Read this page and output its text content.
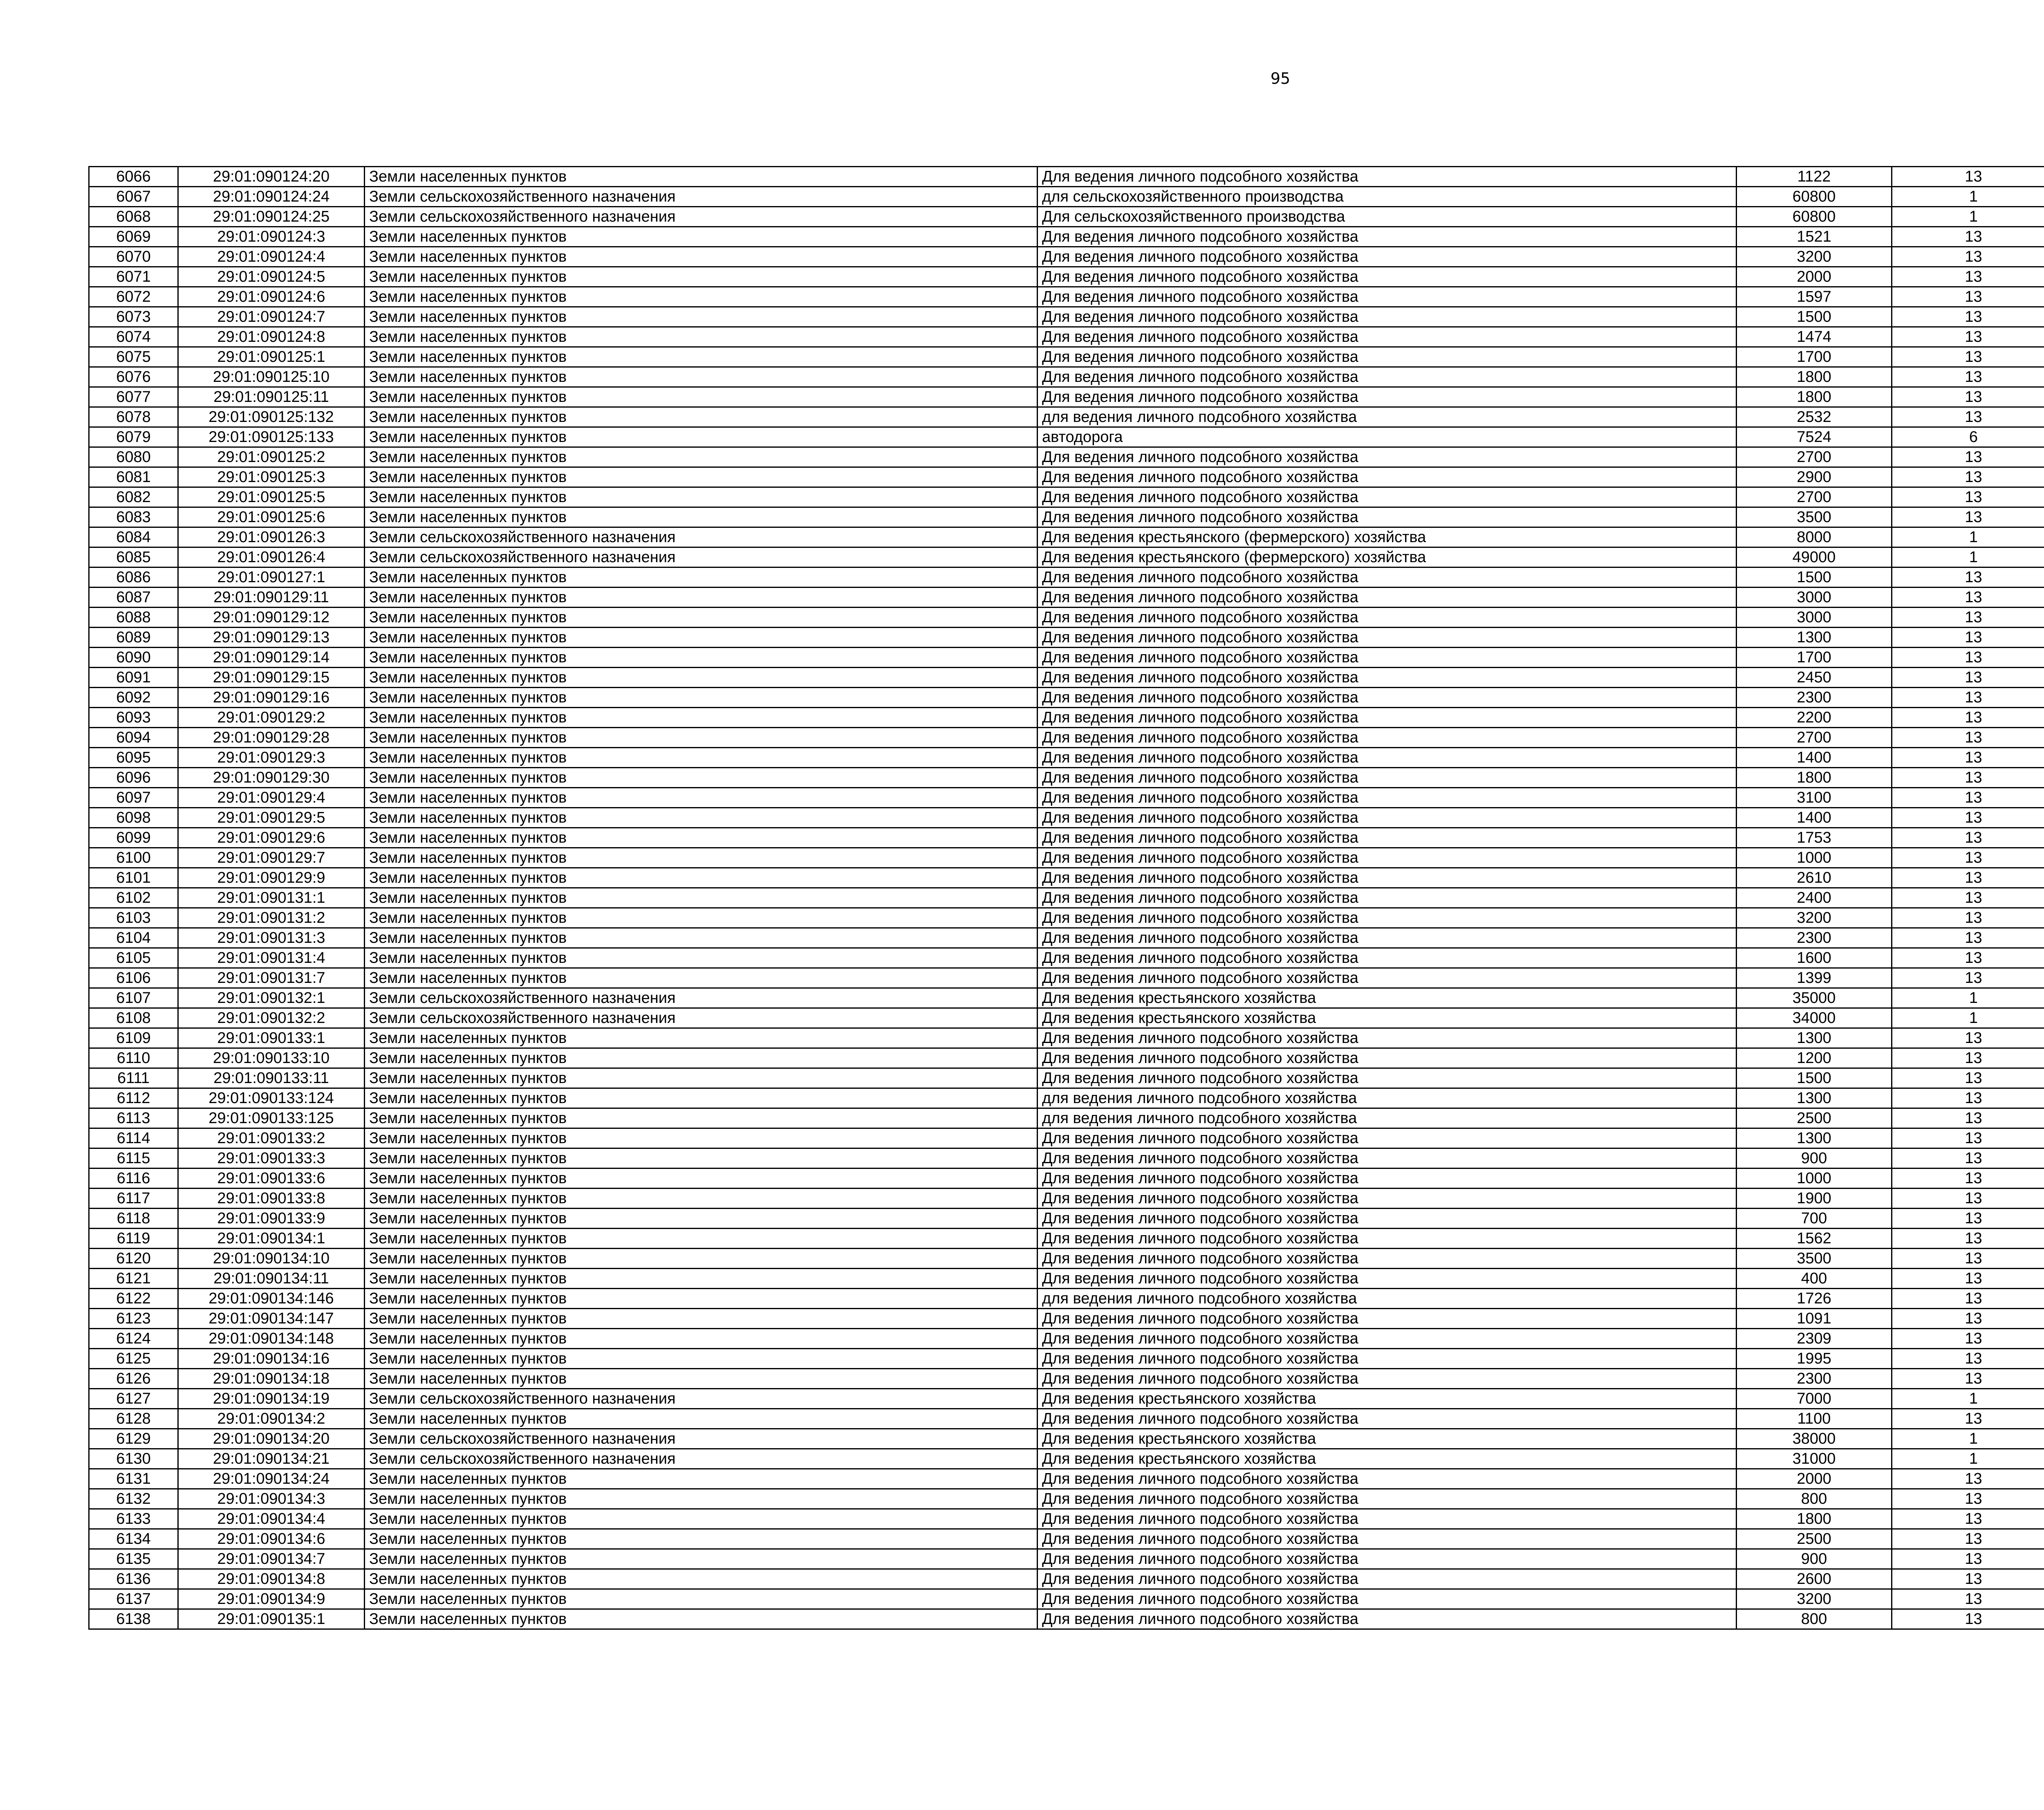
95
6066	29:01:090124:20	Земли населенных пунктов	Для ведения личного подсобного хозяйства	1122	13		
6067	29:01:090124:24	Земли сельскохозяйственного назначения	для сельскохозяйственного производства	60800	1		
6068	29:01:090124:25	Земли сельскохозяйственного назначения	Для сельскохозяйственного производства	60800	1		
6069	29:01:090124:3	Земли населенных пунктов	Для ведения личного подсобного хозяйства	1521	13		
6070	29:01:090124:4	Земли населенных пунктов	Для ведения личного подсобного хозяйства	3200	13		
6071	29:01:090124:5	Земли населенных пунктов	Для ведения личного подсобного хозяйства	2000	13		
6072	29:01:090124:6	Земли населенных пунктов	Для ведения личного подсобного хозяйства	1597	13		
6073	29:01:090124:7	Земли населенных пунктов	Для ведения личного подсобного хозяйства	1500	13		
6074	29:01:090124:8	Земли населенных пунктов	Для ведения личного подсобного хозяйства	1474	13		
6075	29:01:090125:1	Земли населенных пунктов	Для ведения личного подсобного хозяйства	1700	13		
6076	29:01:090125:10	Земли населенных пунктов	Для ведения личного подсобного хозяйства	1800	13		
6077	29:01:090125:11	Земли населенных пунктов	Для ведения личного подсобного хозяйства	1800	13		
6078	29:01:090125:132	Земли населенных пунктов	для ведения личного подсобного хозяйства	2532	13		
6079	29:01:090125:133	Земли населенных пунктов	автодорога	7524	6		
6080	29:01:090125:2	Земли населенных пунктов	Для ведения личного подсобного хозяйства	2700	13		
6081	29:01:090125:3	Земли населенных пунктов	Для ведения личного подсобного хозяйства	2900	13		
6082	29:01:090125:5	Земли населенных пунктов	Для ведения личного подсобного хозяйства	2700	13		
6083	29:01:090125:6	Земли населенных пунктов	Для ведения личного подсобного хозяйства	3500	13		
6084	29:01:090126:3	Земли сельскохозяйственного назначения	Для ведения крестьянского (фермерского) хозяйства	8000	1		
6085	29:01:090126:4	Земли сельскохозяйственного назначения	Для ведения крестьянского (фермерского) хозяйства	49000	1		
6086	29:01:090127:1	Земли населенных пунктов	Для ведения личного подсобного хозяйства	1500	13		
6087	29:01:090129:11	Земли населенных пунктов	Для ведения личного подсобного хозяйства	3000	13		
6088	29:01:090129:12	Земли населенных пунктов	Для ведения личного подсобного хозяйства	3000	13		
6089	29:01:090129:13	Земли населенных пунктов	Для ведения личного подсобного хозяйства	1300	13		
6090	29:01:090129:14	Земли населенных пунктов	Для ведения личного подсобного хозяйства	1700	13		
6091	29:01:090129:15	Земли населенных пунктов	Для ведения личного подсобного хозяйства	2450	13		
6092	29:01:090129:16	Земли населенных пунктов	Для ведения личного подсобного хозяйства	2300	13		
6093	29:01:090129:2	Земли населенных пунктов	Для ведения личного подсобного хозяйства	2200	13		
6094	29:01:090129:28	Земли населенных пунктов	Для ведения личного подсобного хозяйства	2700	13		
6095	29:01:090129:3	Земли населенных пунктов	Для ведения личного подсобного хозяйства	1400	13		
6096	29:01:090129:30	Земли населенных пунктов	Для ведения личного подсобного хозяйства	1800	13		
6097	29:01:090129:4	Земли населенных пунктов	Для ведения личного подсобного хозяйства	3100	13		
6098	29:01:090129:5	Земли населенных пунктов	Для ведения личного подсобного хозяйства	1400	13		
6099	29:01:090129:6	Земли населенных пунктов	Для ведения личного подсобного хозяйства	1753	13		
6100	29:01:090129:7	Земли населенных пунктов	Для ведения личного подсобного хозяйства	1000	13		
6101	29:01:090129:9	Земли населенных пунктов	Для ведения личного подсобного хозяйства	2610	13		
6102	29:01:090131:1	Земли населенных пунктов	Для ведения личного подсобного хозяйства	2400	13		
6103	29:01:090131:2	Земли населенных пунктов	Для ведения личного подсобного хозяйства	3200	13		
6104	29:01:090131:3	Земли населенных пунктов	Для ведения личного подсобного хозяйства	2300	13		
6105	29:01:090131:4	Земли населенных пунктов	Для ведения личного подсобного хозяйства	1600	13		
6106	29:01:090131:7	Земли населенных пунктов	Для ведения личного подсобного хозяйства	1399	13		
6107	29:01:090132:1	Земли сельскохозяйственного назначения	Для ведения крестьянского хозяйства	35000	1		
6108	29:01:090132:2	Земли сельскохозяйственного назначения	Для ведения крестьянского хозяйства	34000	1		
6109	29:01:090133:1	Земли населенных пунктов	Для ведения личного подсобного хозяйства	1300	13		
6110	29:01:090133:10	Земли населенных пунктов	Для ведения личного подсобного хозяйства	1200	13		
6111	29:01:090133:11	Земли населенных пунктов	Для ведения личного подсобного хозяйства	1500	13		
6112	29:01:090133:124	Земли населенных пунктов	для ведения личного подсобного хозяйства	1300	13		
6113	29:01:090133:125	Земли населенных пунктов	для ведения личного подсобного хозяйства	2500	13		
6114	29:01:090133:2	Земли населенных пунктов	Для ведения личного подсобного хозяйства	1300	13		
6115	29:01:090133:3	Земли населенных пунктов	Для ведения личного подсобного хозяйства	900	13		
6116	29:01:090133:6	Земли населенных пунктов	Для ведения личного подсобного хозяйства	1000	13		
6117	29:01:090133:8	Земли населенных пунктов	Для ведения личного подсобного хозяйства	1900	13		
6118	29:01:090133:9	Земли населенных пунктов	Для ведения личного подсобного хозяйства	700	13		
6119	29:01:090134:1	Земли населенных пунктов	Для ведения личного подсобного хозяйства	1562	13		
6120	29:01:090134:10	Земли населенных пунктов	Для ведения личного подсобного хозяйства	3500	13		
6121	29:01:090134:11	Земли населенных пунктов	Для ведения личного подсобного хозяйства	400	13		
6122	29:01:090134:146	Земли населенных пунктов	для ведения личного подсобного хозяйства	1726	13		
6123	29:01:090134:147	Земли населенных пунктов	Для ведения личного подсобного хозяйства	1091	13		
6124	29:01:090134:148	Земли населенных пунктов	Для ведения личного подсобного хозяйства	2309	13		
6125	29:01:090134:16	Земли населенных пунктов	Для ведения личного подсобного хозяйства	1995	13		
6126	29:01:090134:18	Земли населенных пунктов	Для ведения личного подсобного хозяйства	2300	13		
6127	29:01:090134:19	Земли сельскохозяйственного назначения	Для ведения крестьянского хозяйства	7000	1		
6128	29:01:090134:2	Земли населенных пунктов	Для ведения личного подсобного хозяйства	1100	13		
6129	29:01:090134:20	Земли сельскохозяйственного назначения	Для ведения крестьянского хозяйства	38000	1		
6130	29:01:090134:21	Земли сельскохозяйственного назначения	Для ведения крестьянского хозяйства	31000	1		
6131	29:01:090134:24	Земли населенных пунктов	Для ведения личного подсобного хозяйства	2000	13		
6132	29:01:090134:3	Земли населенных пунктов	Для ведения личного подсобного хозяйства	800	13		
6133	29:01:090134:4	Земли населенных пунктов	Для ведения личного подсобного хозяйства	1800	13		
6134	29:01:090134:6	Земли населенных пунктов	Для ведения личного подсобного хозяйства	2500	13		
6135	29:01:090134:7	Земли населенных пунктов	Для ведения личного подсобного хозяйства	900	13		
6136	29:01:090134:8	Земли населенных пунктов	Для ведения личного подсобного хозяйства	2600	13		
6137	29:01:090134:9	Земли населенных пунктов	Для ведения личного подсобного хозяйства	3200	13		
6138	29:01:090135:1	Земли населенных пунктов	Для ведения личного подсобного хозяйства	800	13		
